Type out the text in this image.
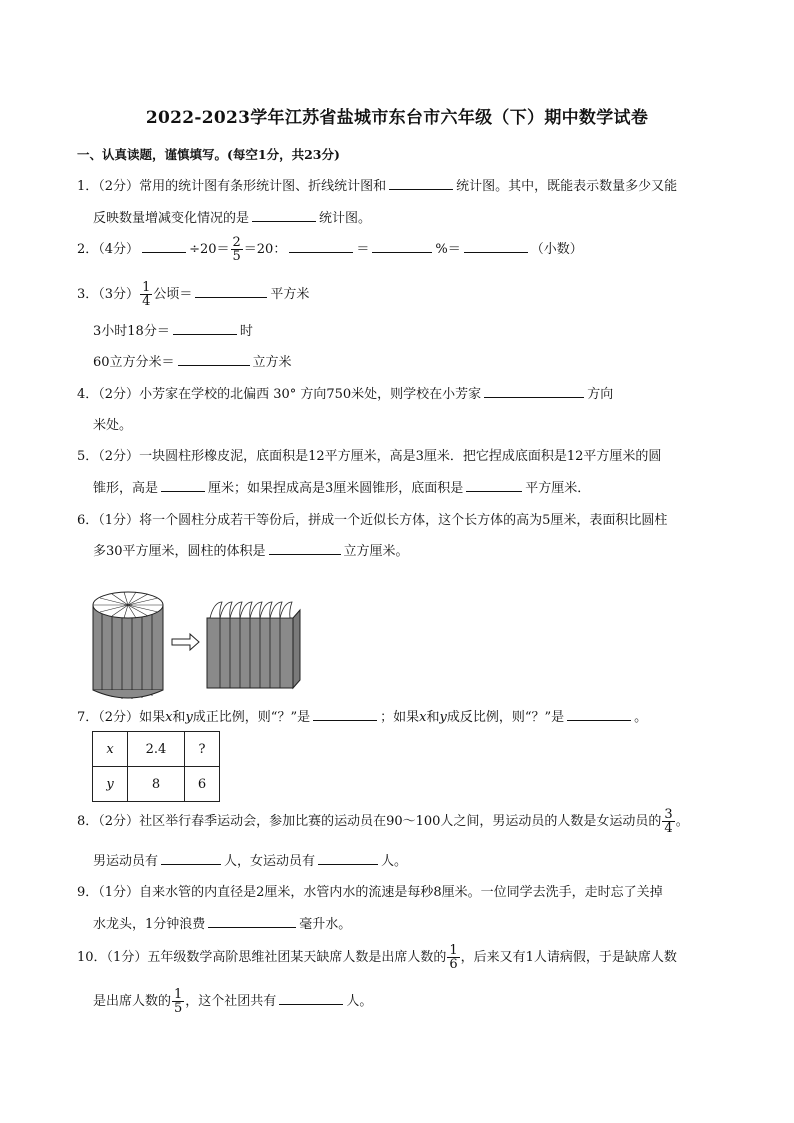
2022-2023学年江苏省盐城市东台市六年级（下）期中数学试卷
一、认真读题，谨慎填写。(每空1分，共23分)
1．（2分）常用的统计图有条形统计图、折线统计图和	统计图。其中，既能表示数量多少又能
反映数量增减变化情况的是	统计图。
2．（4分）	$\div 20= \frac{2}{5} =20$：	＝	%＝	（小数）
3．（3分） $\frac{1}{4}$ 公顷＝	平方米
3小时18分＝	时
60立方分米＝	立方米
4．（2分）小芳家在学校的北偏西 30° 方向750米处，则学校在小芳家	方向
米处。
5．（2分）一块圆柱形橡皮泥，底面积是12平方厘米，高是3厘米．把它捏成底面积是12平方厘米的圆
锥形，高是	厘米；如果捏成高是3厘米圆锥形，底面积是	平方厘米．
6．（1分）将一个圆柱分成若干等份后，拼成一个近似长方体，这个长方体的高为5厘米，表面积比圆柱
多30平方厘米，圆柱的体积是	立方厘米。
7．（2分）如果x和y成正比例，则“？”是	；如果x和y成反比例，则“？”是	。
x	2.4	?
y	8	6
8．（2分）社区举行春季运动会，参加比赛的运动员在90～100人之间，男运动员的人数是女运动员的 $\frac{3}{4}$ 。
男运动员有	人，女运动员有	人。
9．（1分）自来水管的内直径是2厘米，水管内水的流速是每秒8厘米。一位同学去洗手，走时忘了关掉
水龙头，1分钟浪费	毫升水。
10．（1分）五年级数学高阶思维社团某天缺席人数是出席人数的 $\frac{1}{6}$ ，后来又有1人请病假，于是缺席人数
是出席人数的 $\frac{1}{5}$ ，这个社团共有	人。
